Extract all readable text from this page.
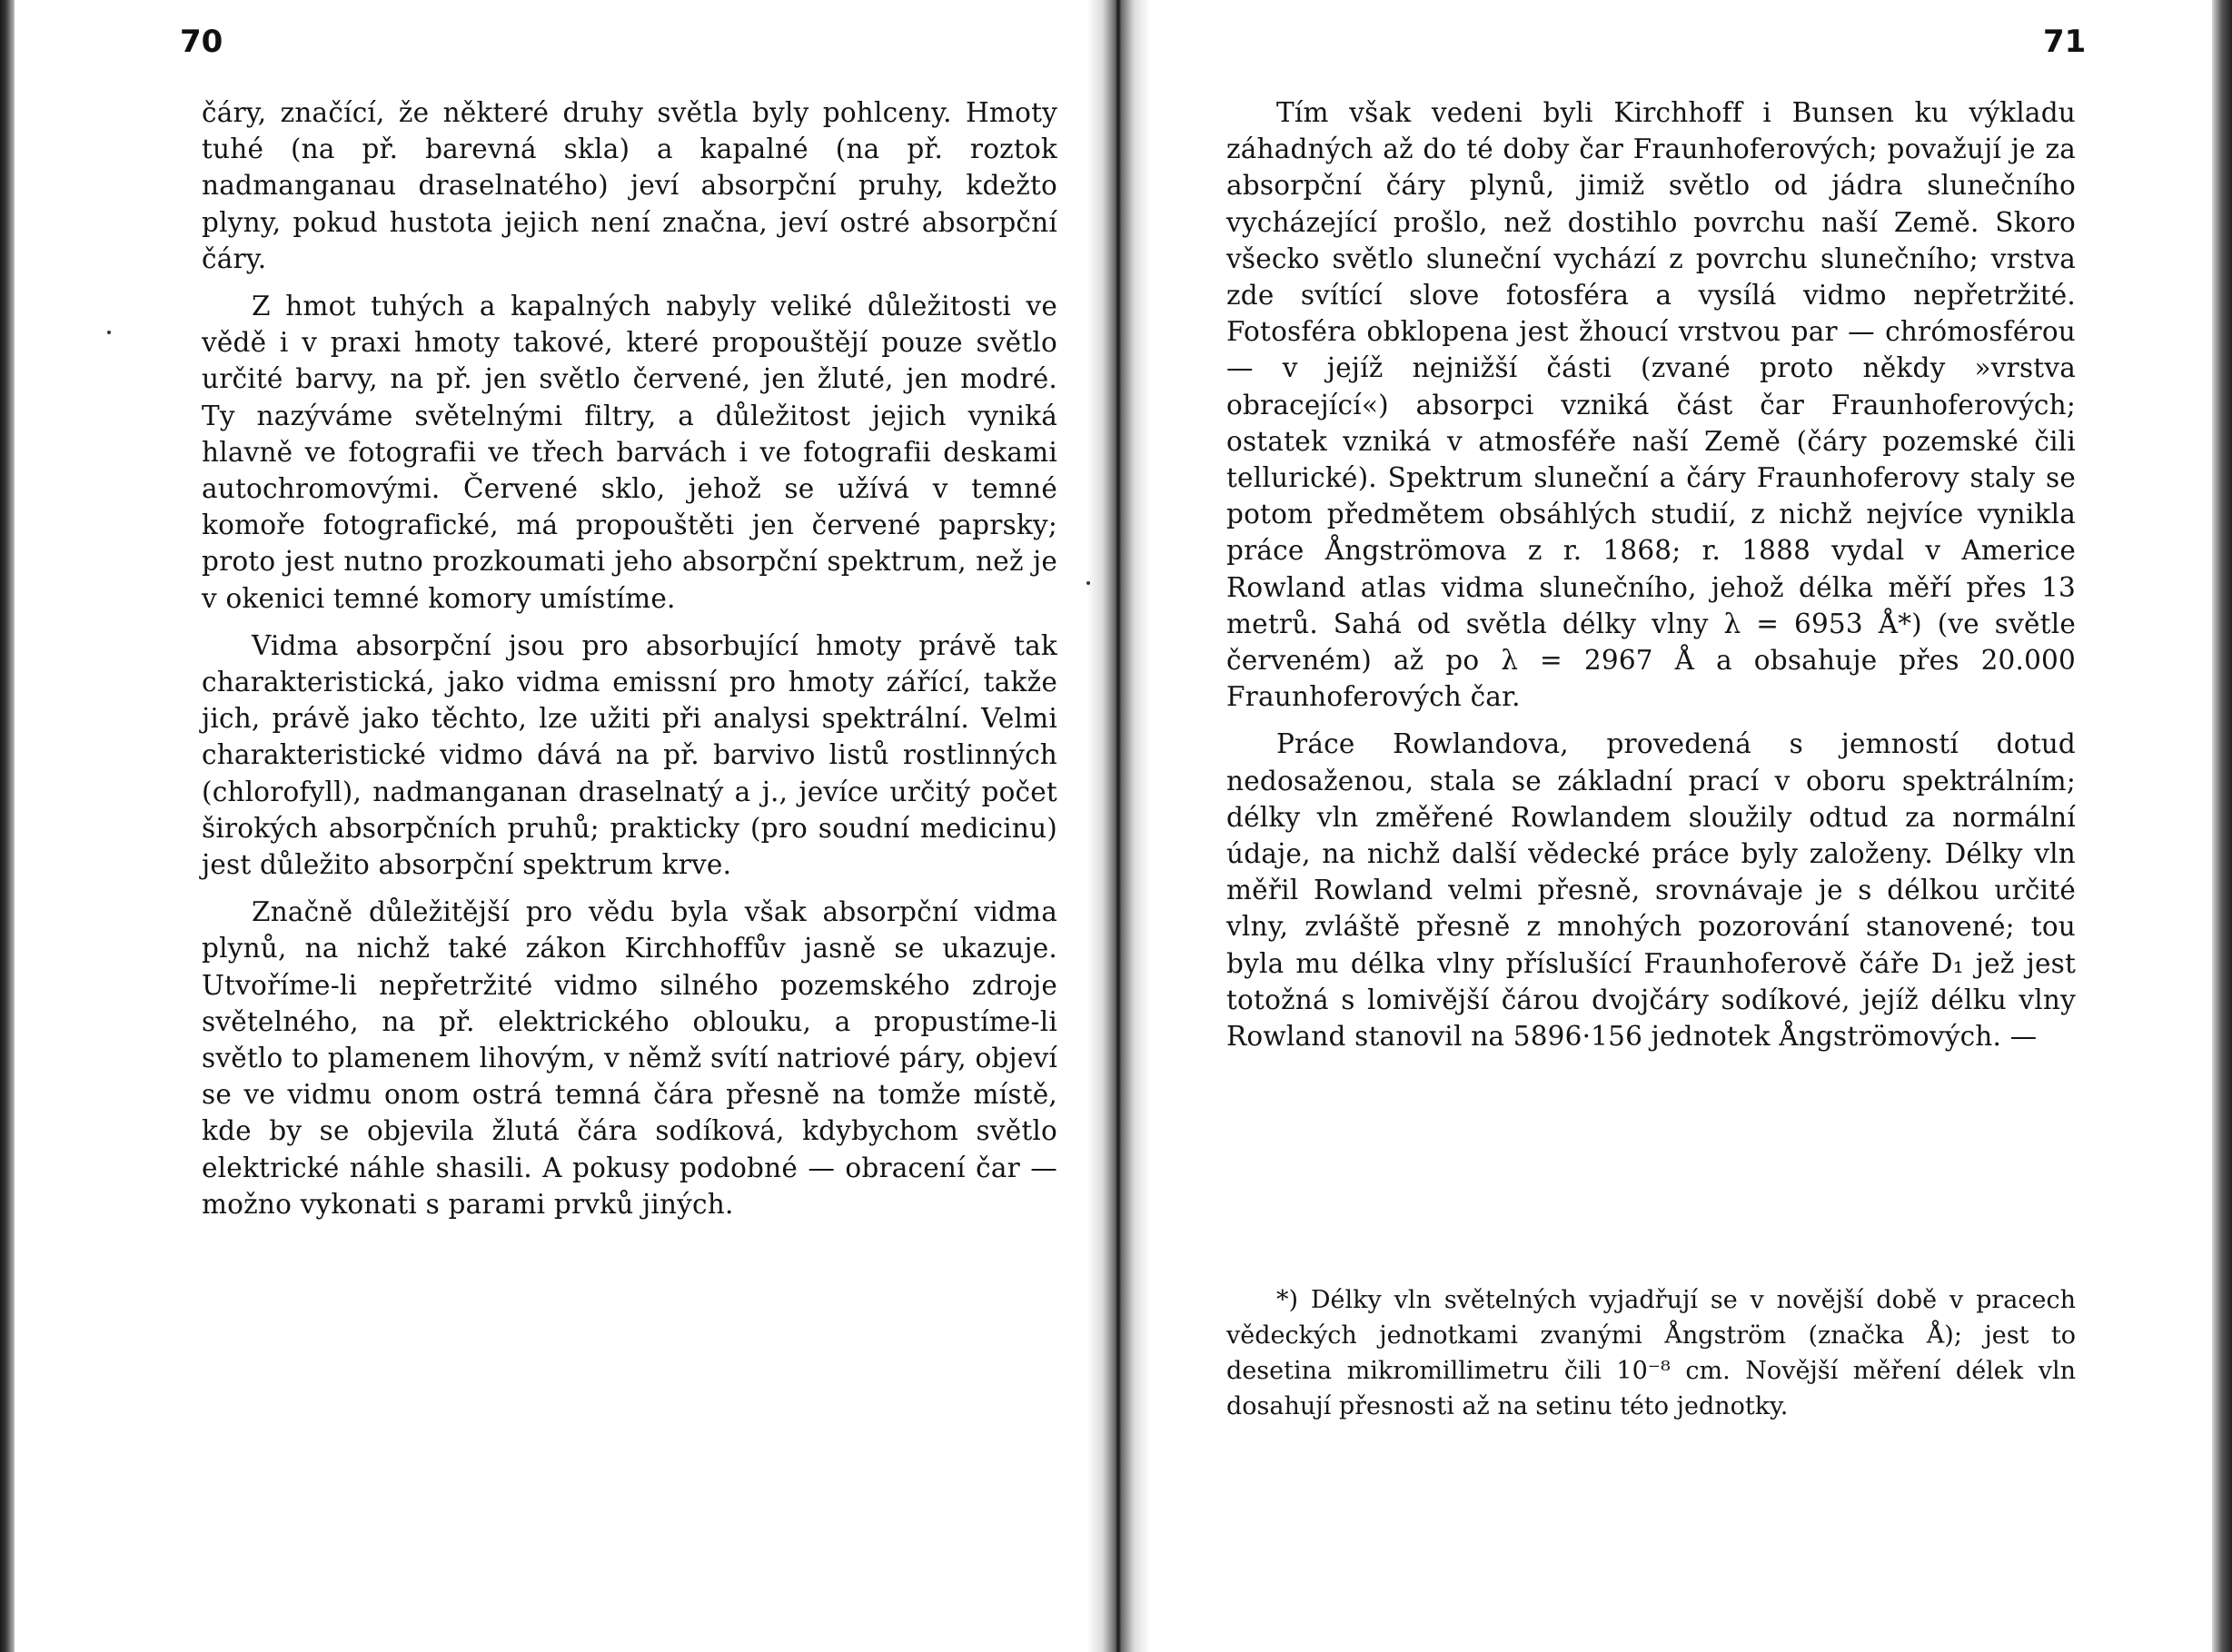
70

čáry, značící, že některé druhy světla byly pohlceny. Hmoty tuhé (na př. barevná skla) a kapalné (na př. roztok nadmanganau draselnatého) jeví absorpční pruhy, kdežto plyny, pokud hustota jejich není značna, jeví ostré absorpční čáry.

Z hmot tuhých a kapalných nabyly veliké důležitosti ve vědě i v praxi hmoty takové, které propouštějí pouze světlo určité barvy, na př. jen světlo červené, jen žluté, jen modré. Ty nazýváme světelnými filtry, a důležitost jejich vyniká hlavně ve fotografii ve třech barvách i ve fotografii deskami autochromovými. Červené sklo, jehož se užívá v temné komoře fotografické, má propouštěti jen červené paprsky; proto jest nutno prozkoumati jeho absorpční spektrum, než je v okenici temné komory umístíme.

Vidma absorpční jsou pro absorbující hmoty právě tak charakteristická, jako vidma emissní pro hmoty zářící, takže jich, právě jako těchto, lze užiti při analysi spektrální. Velmi charakteristické vidmo dává na př. barvivo listů rostlinných (chlorofyll), nadmanganan draselnatý a j., jevíce určitý počet širokých absorpčních pruhů; prakticky (pro soudní medicinu) jest důležito absorpční spektrum krve.

Značně důležitější pro vědu byla však absorpční vidma plynů, na nichž také zákon Kirchhoffův jasně se ukazuje. Utvoříme-li nepřetržité vidmo silného pozemského zdroje světelného, na př. elektrického oblouku, a propustíme-li světlo to plamenem lihovým, v němž svítí natriové páry, objeví se ve vidmu onom ostrá temná čára přesně na tomže místě, kde by se objevila žlutá čára sodíková, kdybychom světlo elektrické náhle shasili. A pokusy podobné — obracení čar — možno vykonati s parami prvků jiných.

71

Tím však vedeni byli Kirchhoff i Bunsen ku výkladu záhadných až do té doby čar Fraunhoferových; považují je za absorpční čáry plynů, jimiž světlo od jádra slunečního vycházející prošlo, než dostihlo povrchu naší Země. Skoro všecko světlo sluneční vychází z povrchu slunečního; vrstva zde svítící slove fotosféra a vysílá vidmo nepřetržité. Fotosféra obklopena jest žhoucí vrstvou par — chrómosférou — v jejíž nejnižší části (zvané proto někdy »vrstva obracející«) absorpci vzniká část čar Fraunhoferových; ostatek vzniká v atmosféře naší Země (čáry pozemské čili tellurické). Spektrum sluneční a čáry Fraunhoferovy staly se potom předmětem obsáhlých studií, z nichž nejvíce vynikla práce Ångströmova z r. 1868; r. 1888 vydal v Americe Rowland atlas vidma slunečního, jehož délka měří přes 13 metrů. Sahá od světla délky vlny λ = 6953 Å*) (ve světle červeném) až po λ = 2967 Å a obsahuje přes 20.000 Fraunhoferových čar.

Práce Rowlandova, provedená s jemností dotud nedosaženou, stala se základní prací v oboru spektrálním; délky vln změřené Rowlandem sloužily odtud za normální údaje, na nichž další vědecké práce byly založeny. Délky vln měřil Rowland velmi přesně, srovnávaje je s délkou určité vlny, zvláště přesně z mnohých pozorování stanovené; tou byla mu délka vlny příslušící Fraunhoferově čáře D₁ jež jest totožná s lomivější čárou dvojčáry sodíkové, jejíž délku vlny Rowland stanovil na 5896·156 jednotek Ångströmových. —

*) Délky vln světelných vyjadřují se v novější době v pracech vědeckých jednotkami zvanými Ångström (značka Å); jest to desetina mikromillimetru čili 10⁻⁸ cm. Novější měření délek vln dosahují přesnosti až na setinu této jednotky.
